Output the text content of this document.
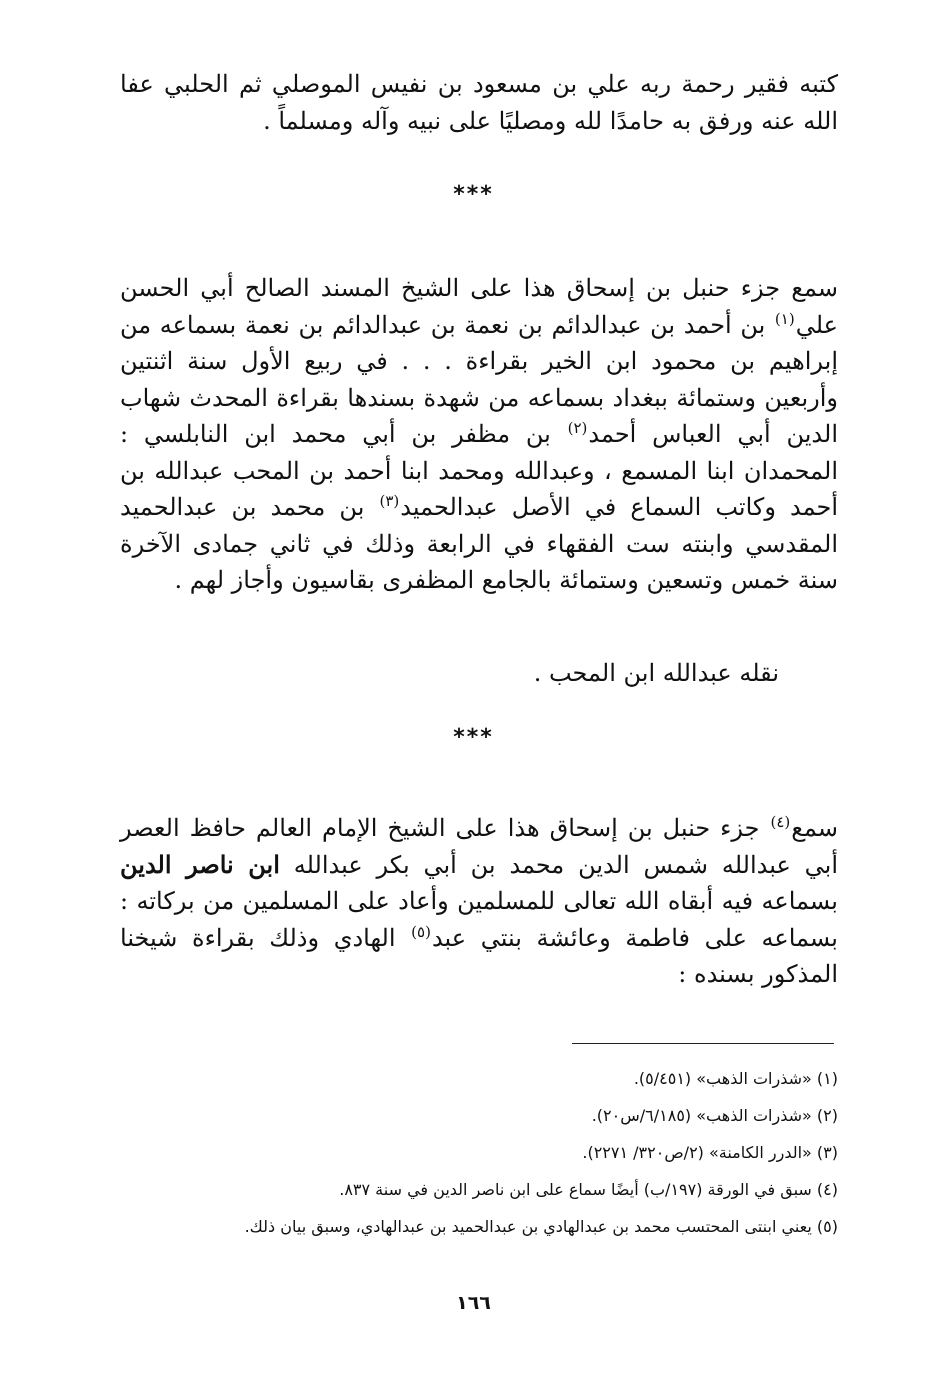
كتبه فقير رحمة ربه علي بن مسعود بن نفيس الموصلي ثم الحلبي عفا الله عنه ورفق به حامدًا لله ومصليًا على نبيه وآله ومسلماً .
***
سمع جزء حنبل بن إسحاق هذا على الشيخ المسند الصالح أبي الحسن علي$^{(١)}$ بن أحمد بن عبدالدائم بن نعمة بن عبدالدائم بن نعمة بسماعه من إبراهيم بن محمود ابن الخير بقراءة . . . في ربيع الأول سنة اثنتين وأربعين وستمائة ببغداد بسماعه من شهدة بسندها بقراءة المحدث شهاب الدين أبي العباس أحمد$^{(٢)}$ بن مظفر بن أبي محمد ابن النابلسي : المحمدان ابنا المسمع ، وعبدالله ومحمد ابنا أحمد بن المحب عبدالله بن أحمد وكاتب السماع في الأصل عبدالحميد$^{(٣)}$ بن محمد بن عبدالحميد المقدسي وابنته ست الفقهاء في الرابعة وذلك في ثاني جمادى الآخرة سنة خمس وتسعين وستمائة بالجامع المظفرى بقاسيون وأجاز لهم .
نقله عبدالله ابن المحب .
***
سمع$^{(٤)}$ جزء حنبل بن إسحاق هذا على الشيخ الإمام العالم حافظ العصر أبي عبدالله شمس الدين محمد بن أبي بكر عبدالله ابن ناصر الدين بسماعه فيه أبقاه الله تعالى للمسلمين وأعاد على المسلمين من بركاته : بسماعه على فاطمة وعائشة بنتي عبد$^{(٥)}$ الهادي وذلك بقراءة شيخنا المذكور بسنده :
(١) «شذرات الذهب» (٥/٤٥١).
(٢) «شذرات الذهب» (٦/١٨٥/س٢٠).
(٣) «الدرر الكامنة» (٢/ص٣٢٠/ ٢٢٧١).
(٤) سبق في الورقة (١٩٧/ب) أيضًا سماع على ابن ناصر الدين في سنة ٨٣٧.
(٥) يعني ابنتى المحتسب محمد بن عبدالهادي بن عبدالحميد بن عبدالهادي، وسبق بيان ذلك.
١٦٦
